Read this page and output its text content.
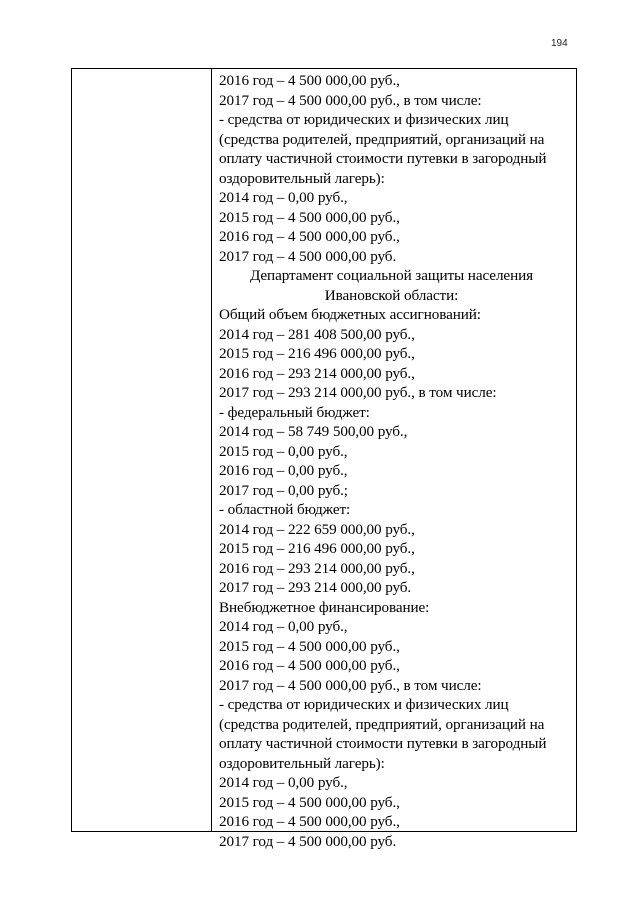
194
2016 год – 4 500 000,00 руб.,
2017 год – 4 500 000,00 руб., в том числе:
- средства от юридических и физических лиц
(средства родителей, предприятий, организаций на
оплату частичной стоимости путевки в загородный
оздоровительный лагерь):
2014 год – 0,00 руб.,
2015 год – 4 500 000,00 руб.,
2016 год – 4 500 000,00 руб.,
2017 год – 4 500 000,00 руб.
Департамент социальной защиты населения
Ивановской области:
Общий объем бюджетных ассигнований:
2014 год – 281 408 500,00 руб.,
2015 год – 216 496 000,00 руб.,
2016 год – 293 214 000,00 руб.,
2017 год – 293 214 000,00 руб., в том числе:
- федеральный бюджет:
2014 год – 58 749 500,00 руб.,
2015 год – 0,00 руб.,
2016 год – 0,00 руб.,
2017 год – 0,00 руб.;
- областной бюджет:
2014 год – 222 659 000,00 руб.,
2015 год – 216 496 000,00 руб.,
2016 год – 293 214 000,00 руб.,
2017 год – 293 214 000,00 руб.
Внебюджетное финансирование:
2014 год – 0,00 руб.,
2015 год – 4 500 000,00 руб.,
2016 год – 4 500 000,00 руб.,
2017 год – 4 500 000,00 руб., в том числе:
- средства от юридических и физических лиц
(средства родителей, предприятий, организаций на
оплату частичной стоимости путевки в загородный
оздоровительный лагерь):
2014 год – 0,00 руб.,
2015 год – 4 500 000,00 руб.,
2016 год – 4 500 000,00 руб.,
2017 год – 4 500 000,00 руб.
